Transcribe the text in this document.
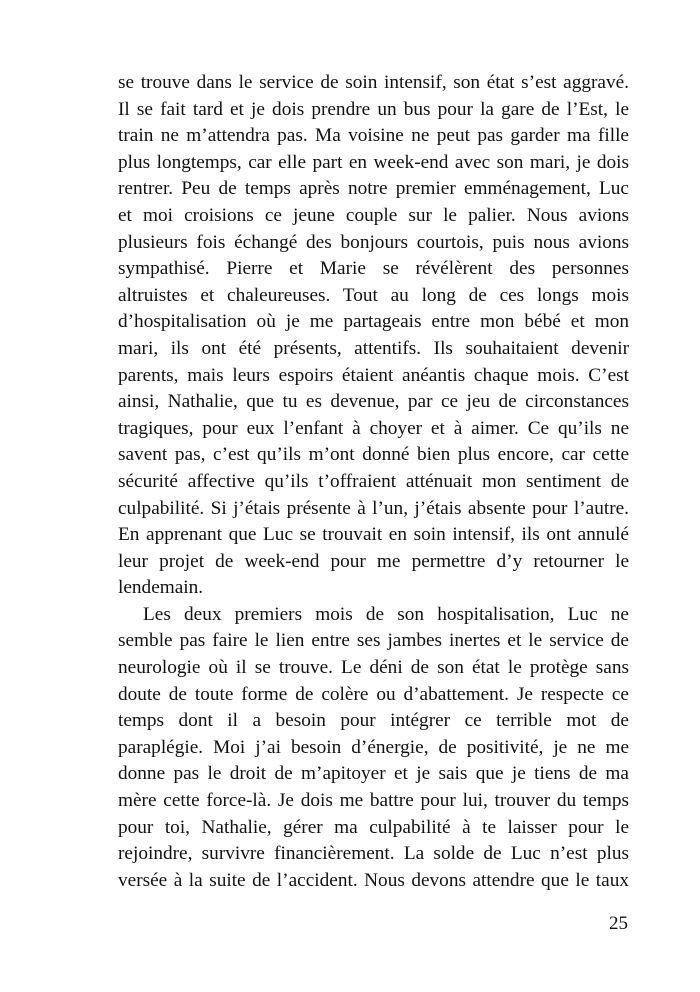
se trouve dans le service de soin intensif, son état s’est aggravé.
Il se fait tard et je dois prendre un bus pour la gare de l’Est, le
train ne m’attendra pas. Ma voisine ne peut pas garder ma fille
plus longtemps, car elle part en week-end avec son mari, je dois
rentrer. Peu de temps après notre premier emménagement, Luc
et moi croisions ce jeune couple sur le palier. Nous avions
plusieurs fois échangé des bonjours courtois, puis nous avions
sympathisé. Pierre et Marie se révélèrent des personnes
altruistes et chaleureuses. Tout au long de ces longs mois
d’hospitalisation où je me partageais entre mon bébé et mon
mari, ils ont été présents, attentifs. Ils souhaitaient devenir
parents, mais leurs espoirs étaient anéantis chaque mois. C’est
ainsi, Nathalie, que tu es devenue, par ce jeu de circonstances
tragiques, pour eux l’enfant à choyer et à aimer. Ce qu’ils ne
savent pas, c’est qu’ils m’ont donné bien plus encore, car cette
sécurité affective qu’ils t’offraient atténuait mon sentiment de
culpabilité. Si j’étais présente à l’un, j’étais absente pour l’autre.
En apprenant que Luc se trouvait en soin intensif, ils ont annulé
leur projet de week-end pour me permettre d’y retourner le
lendemain.
Les deux premiers mois de son hospitalisation, Luc ne
semble pas faire le lien entre ses jambes inertes et le service de
neurologie où il se trouve. Le déni de son état le protège sans
doute de toute forme de colère ou d’abattement. Je respecte ce
temps dont il a besoin pour intégrer ce terrible mot de
paraplégie. Moi j’ai besoin d’énergie, de positivité, je ne me
donne pas le droit de m’apitoyer et je sais que je tiens de ma
mère cette force-là. Je dois me battre pour lui, trouver du temps
pour toi, Nathalie, gérer ma culpabilité à te laisser pour le
rejoindre, survivre financièrement. La solde de Luc n’est plus
versée à la suite de l’accident. Nous devons attendre que le taux
25
